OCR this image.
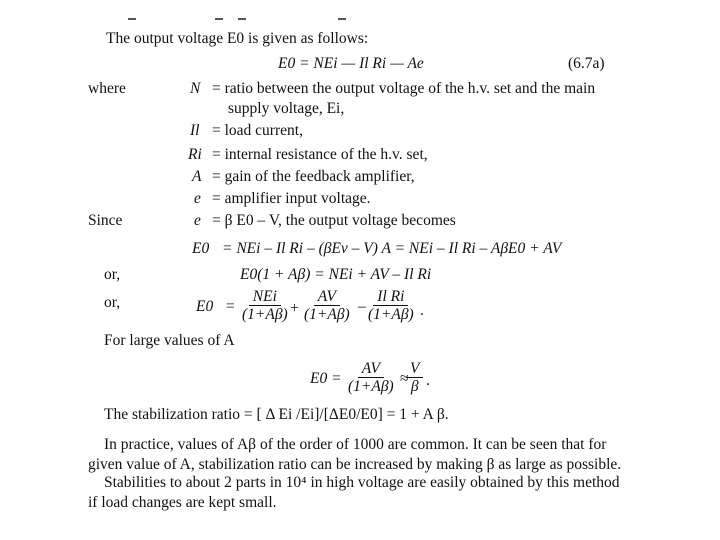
The output voltage E0 is given as follows:
E0 = NEi — Il Ri — Ae	(6.7a)
where	N = ratio between the output voltage of the h.v. set and the main
supply voltage, Ei,
Il = load current,
Ri = internal resistance of the h.v. set,
A = gain of the feedback amplifier,
e = amplifier input voltage.
Since	e = β E0 – V, the output voltage becomes
E0 = NEi – Il Ri – (βEv – V) A = NEi – Il Ri – AβE0 + AV
or,	E0(1 + Aβ) = NEi + AV – Il Ri
or,	E0 =
NEi
$(1+A\beta) + \frac{AV}{(1+A\beta)}$ –
$\frac{\text{Il Ri}}{(1+A\beta)}$ .
For large values of A
$E0 = \frac{AV}{(1+A\beta)}$ ≈
$\frac{V}{\beta}$ .
The stabilization ratio = [ Δ Ei /Ei]/[ΔE0/E0] = 1 + A β.
In practice, values of Aβ of the order of 1000 are common. It can be seen that for
given value of A, stabilization ratio can be increased by making β as large as possible.
Stabilities to about 2 parts in 10⁴ in high voltage are easily obtained by this method
if load changes are kept small.
